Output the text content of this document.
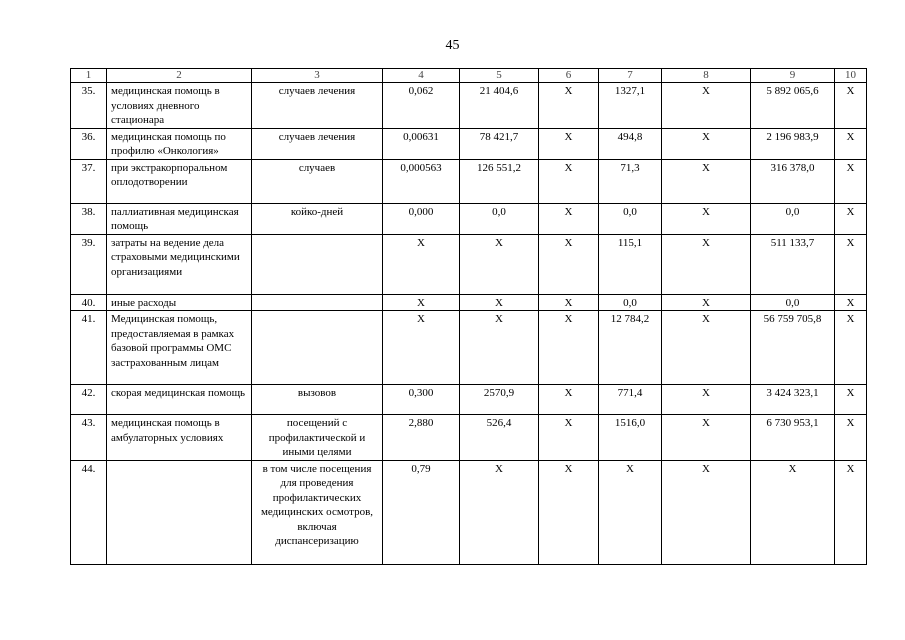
45
1	2	3	4	5	6	7	8	9	10
35.	медицинская помощь в условиях дневного стационара	случаев лечения	0,062	21 404,6	Х	1327,1	Х	5 892 065,6	Х
36.	медицинская помощь по профилю «Онкология»	случаев лечения	0,00631	78 421,7	Х	494,8	Х	2 196 983,9	Х
37.	при экстракорпоральном оплодотворении	случаев	0,000563	126 551,2	Х	71,3	Х	316 378,0	Х
38.	паллиативная медицинская помощь	койко-дней	0,000	0,0	Х	0,0	Х	0,0	Х
39.	затраты на ведение дела страховыми медицинскими организациями		Х	Х	Х	115,1	Х	511 133,7	Х
40.	иные расходы		Х	Х	Х	0,0	Х	0,0	Х
41.	Медицинская помощь, предоставляемая в рамках базовой программы ОМС застрахованным лицам		Х	Х	Х	12 784,2	Х	56 759 705,8	Х
42.	скорая медицинская помощь	вызовов	0,300	2570,9	Х	771,4	Х	3 424 323,1	Х
43.	медицинская помощь в амбулаторных условиях	посещений с профилактической и иными целями	2,880	526,4	Х	1516,0	Х	6 730 953,1	Х
44.		в том числе посещения для проведения профилактических медицинских осмотров, включая диспансеризацию	0,79	Х	Х	Х	Х	Х	Х
